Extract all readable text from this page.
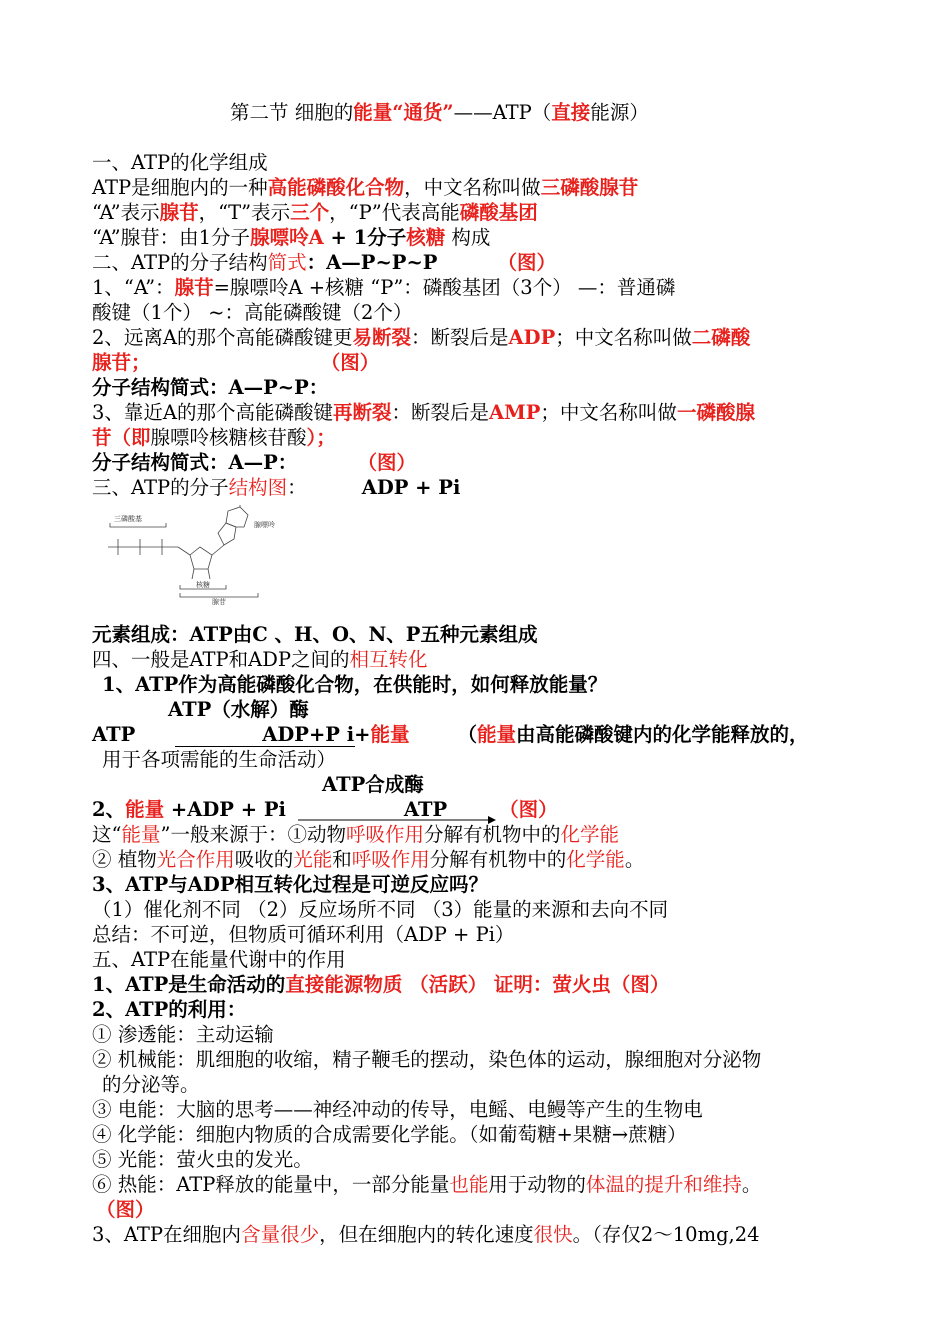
第二节 细胞的能量“通货”——ATP（直接能源）
一、ATP的化学组成
ATP是细胞内的一种高能磷酸化合物，中文名称叫做三磷酸腺苷
“A”表示腺苷，“T”表示三个，“P”代表高能磷酸基团
“A”腺苷：由1分子腺嘌呤A + 1分子核糖 构成
二、ATP的分子结构简式：A—P~P~P	（图）
1、“A”：腺苷=腺嘌呤A +核糖 “P”：磷酸基团（3个） —：普通磷
酸键（1个） ~：高能磷酸键（2个）
2、远离A的那个高能磷酸键更易断裂：断裂后是ADP；中文名称叫做二磷酸
腺苷；	（图）
分子结构简式：A—P~P：
3、靠近A的那个高能磷酸键再断裂：断裂后是AMP；中文名称叫做一磷酸腺
苷（即腺嘌呤核糖核苷酸）；
分子结构简式：A—P：	（图）
三、ATP的分子结构图：	ADP + Pi
三磷酸基
腺嘌呤
核糖
腺苷
元素组成：ATP由C 、H、O、N、P五种元素组成
四、一般是ATP和ADP之间的相互转化
1、ATP作为高能磷酸化合物，在供能时，如何释放能量？
ATP（水解）酶
ATP	ADP+P i+能量 （能量由高能磷酸键内的化学能释放的，
用于各项需能的生命活动）
ATP合成酶
2、能量 +ADP + Pi	ATP	（图）
这“能量”一般来源于：①动物呼吸作用分解有机物中的化学能
② 植物光合作用吸收的光能和呼吸作用分解有机物中的化学能。
3、ATP与ADP相互转化过程是可逆反应吗？
（1）催化剂不同 （2）反应场所不同 （3）能量的来源和去向不同
总结：不可逆，但物质可循环利用（ADP + Pi）
五、ATP在能量代谢中的作用
1、ATP是生命活动的直接能源物质 （活跃） 证明：萤火虫（图）
2、ATP的利用：
① 渗透能：主动运输
② 机械能：肌细胞的收缩，精子鞭毛的摆动，染色体的运动，腺细胞对分泌物
的分泌等。
③ 电能：大脑的思考——神经冲动的传导，电鳐、电鳗等产生的生物电
④ 化学能：细胞内物质的合成需要化学能。（如葡萄糖+果糖→蔗糖）
⑤ 光能：萤火虫的发光。
⑥ 热能：ATP释放的能量中，一部分能量也能用于动物的体温的提升和维持。
（图）
3、ATP在细胞内含量很少，但在细胞内的转化速度很快。（存仅2～10mg,24
